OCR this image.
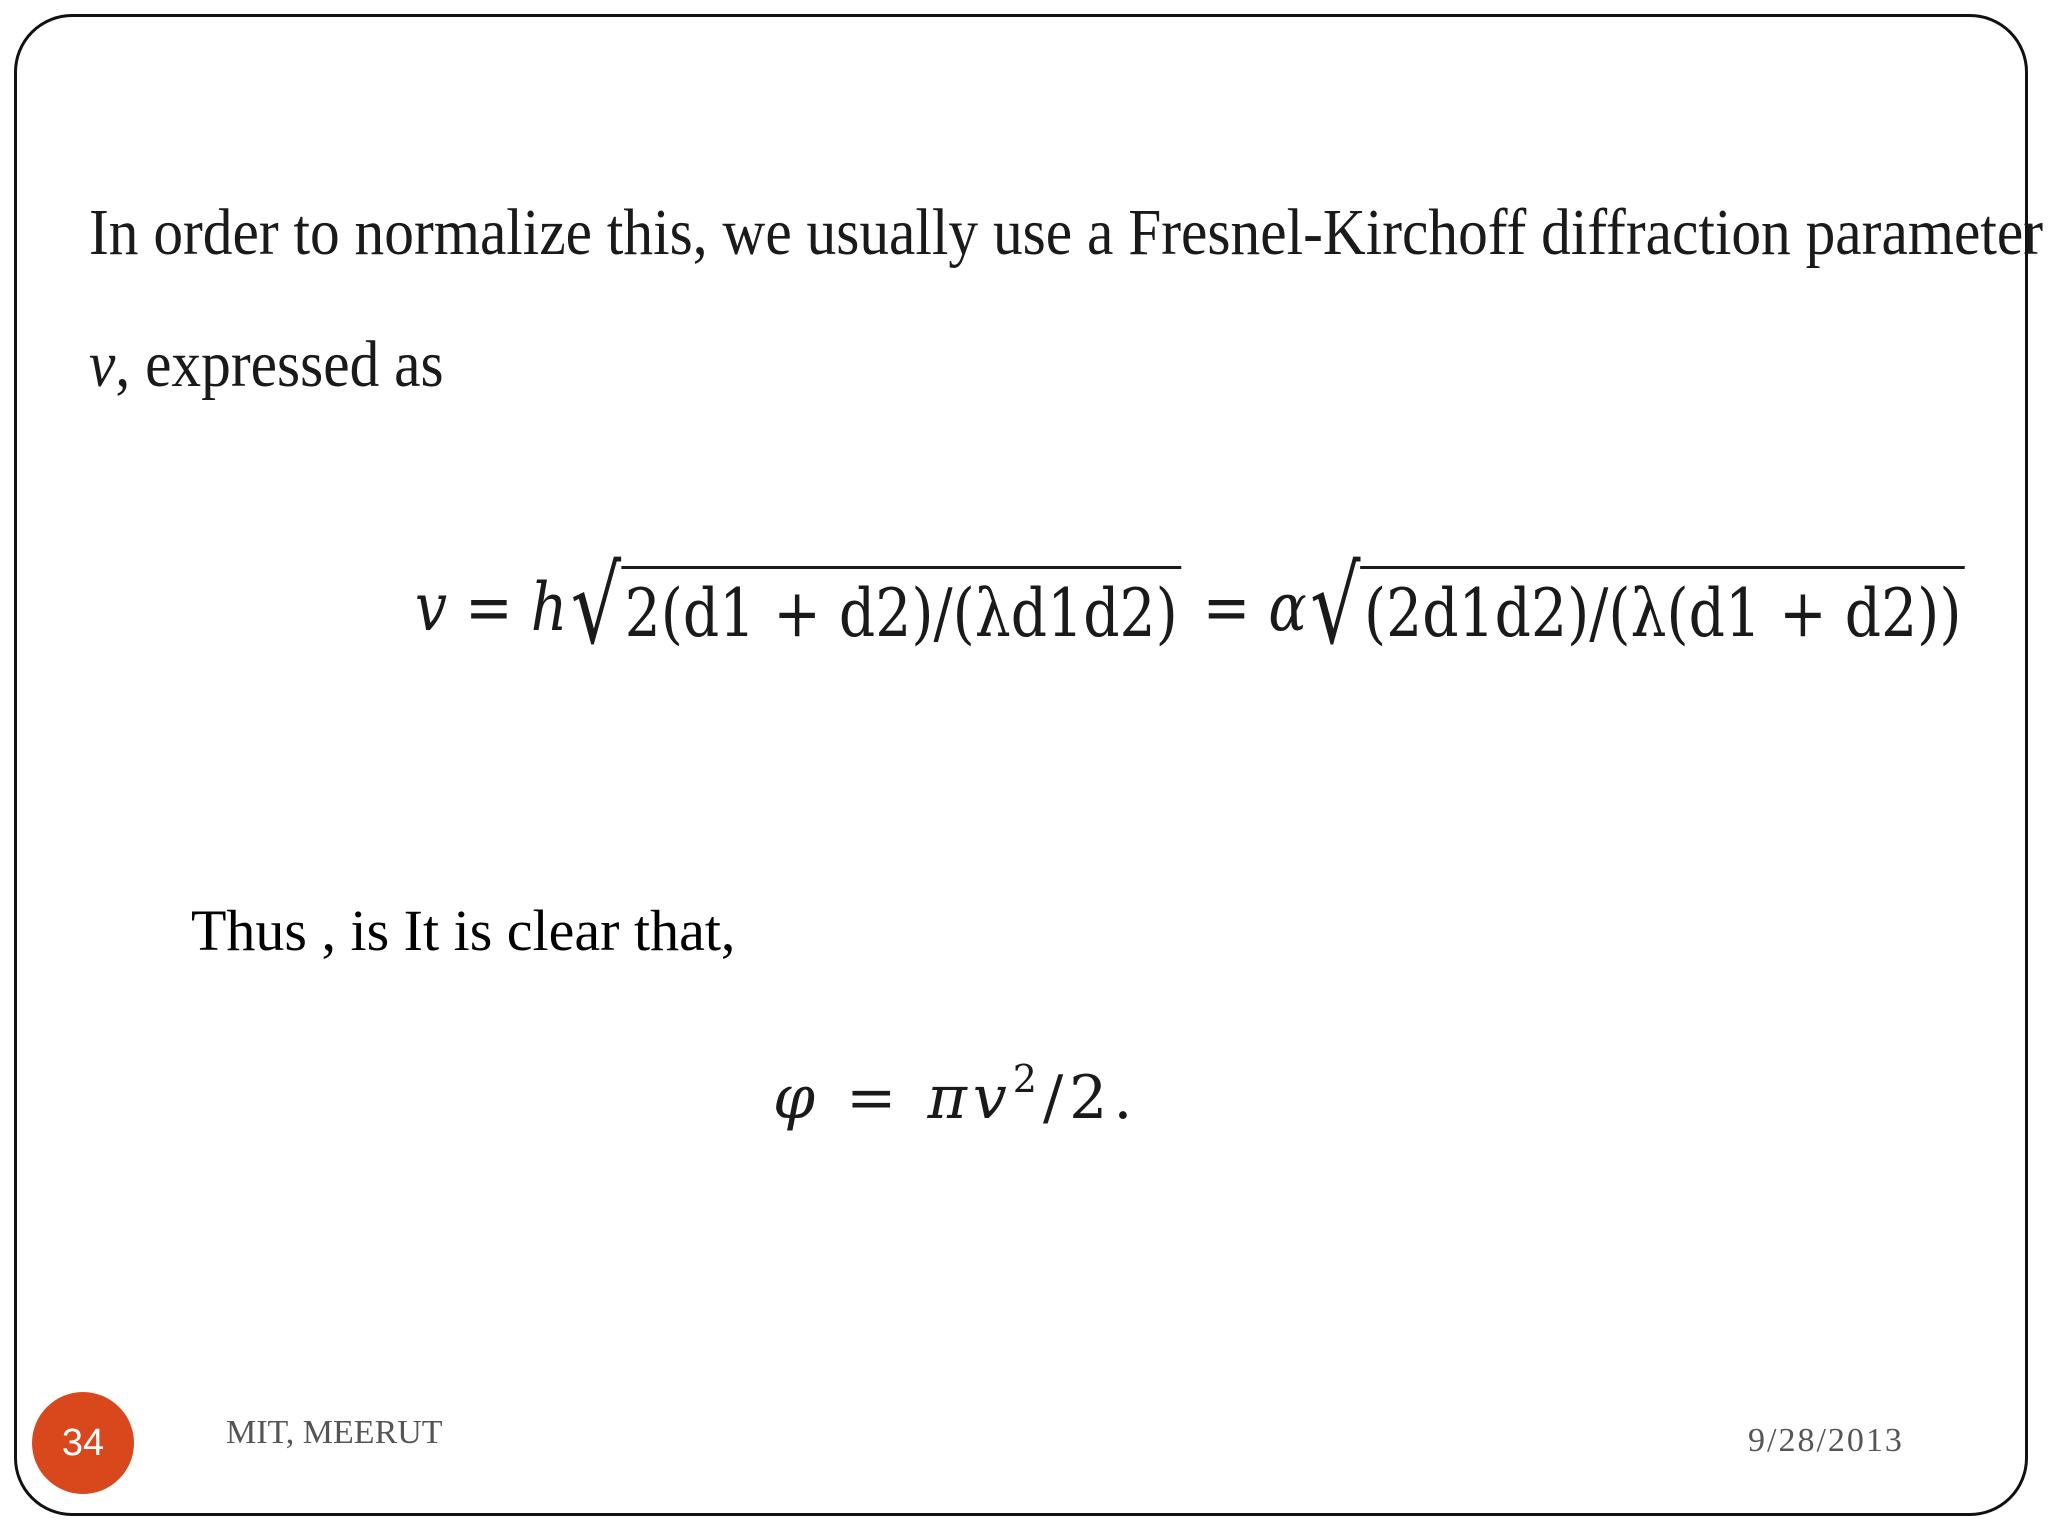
In order to normalize this, we usually use a Fresnel-Kirchoff diffraction parameter
v, expressed as
v = h √ 2(d1 + d2)/(λd1d2) = α √ (2d1d2)/(λ(d1 + d2))
Thus , is It is clear that,
$\varphi = \pi v^2/2$.
34	MIT, MEERUT	9/28/2013
